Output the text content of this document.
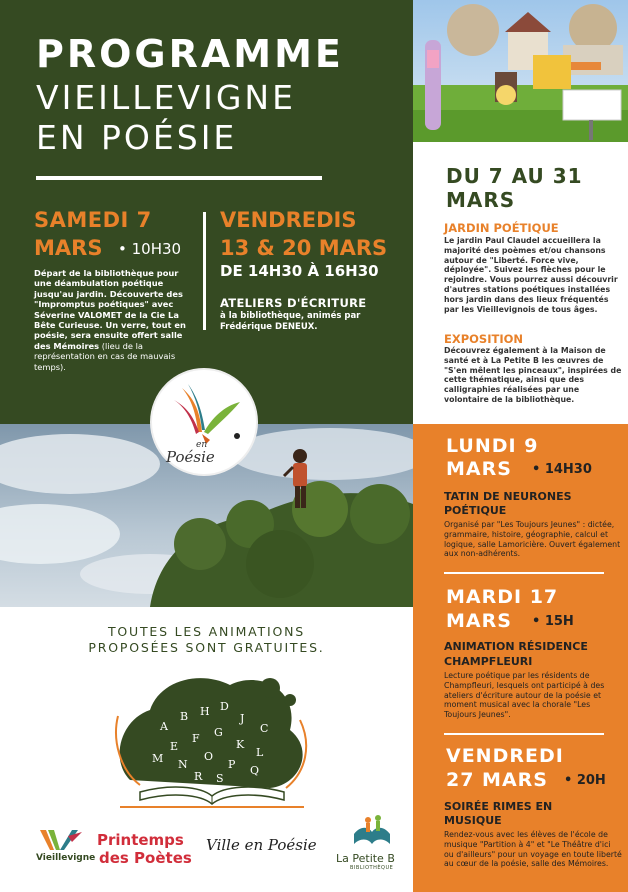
PROGRAMME
VIEILLEVIGNE
EN POÉSIE
SAMEDI 7
MARS • 10H30
Départ de la bibliothèque pour une déambulation poétique jusqu'au jardin. Découverte des "Impromptus poétiques" avec Séverine VALOMET de la Cie La Bête Curieuse. Un verre, tout en poésie, sera ensuite offert salle des Mémoires (lieu de la représentation en cas de mauvais temps).
VENDREDIS
13 & 20 MARS
DE 14H30 À 16H30
ATELIERS D'ÉCRITURE
à la bibliothèque, animés par Frédérique DENEUX.
DU 7 AU 31
MARS
JARDIN POÉTIQUE
Le jardin Paul Claudel accueillera la majorité des poèmes et/ou chansons autour de "Liberté. Force vive, déployée". Suivez les flèches pour le rejoindre. Vous pourrez aussi découvrir d'autres stations poétiques installées hors jardin dans des lieux fréquentés par les Vieillevignois de tous âges.
EXPOSITION
Découvrez également à la Maison de santé et à La Petite B les œuvres de "S'en mêlent les pinceaux", inspirées de cette thématique, ainsi que des calligraphies réalisées par une volontaire de la bibliothèque.
LUNDI 9
MARS • 14H30
TATIN DE NEURONES
POÉTIQUE
Organisé par "Les Toujours Jeunes" : dictée, grammaire, histoire, géographie, calcul et logique, salle Lamoricière. Ouvert également aux non-adhérents.
MARDI 17
MARS • 15H
ANIMATION RÉSIDENCE
CHAMPFLEURI
Lecture poétique par les résidents de Champfleuri, lesquels ont participé à des ateliers d'écriture autour de la poésie et moment musical avec la chorale "Les Toujours Jeunes".
VENDREDI
27 MARS • 20H
SOIRÉE RIMES EN
MUSIQUE
Rendez-vous avec les élèves de l'école de musique "Partition à 4" et "Le Théâtre d'ici ou d'ailleurs" pour un voyage en toute liberté au cœur de la poésie, salle des Mémoires.
en
Poésie
TOUTES LES ANIMATIONS
PROPOSÉES SONT GRATUITES.
A
B H D
J
C
E
F G
K
L
M N
O
P Q
R S
Vieillevigne
Printemps
des Poètes
Ville en Poésie
La Petite B
BIBLIOTHÈQUE
